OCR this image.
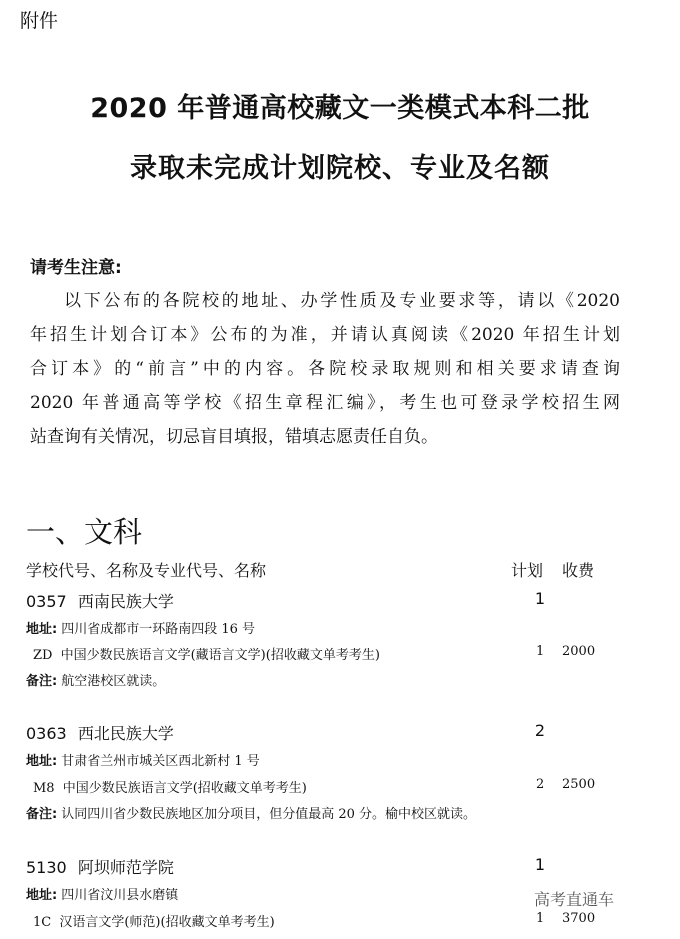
附件
2020 年普通高校藏文一类模式本科二批
录取未完成计划院校、专业及名额
请考生注意:
以下公布的各院校的地址、办学性质及专业要求等，请以《2020
年招生计划合订本》公布的为准，并请认真阅读《2020 年招生计划
合订本》的“前言”中的内容。各院校录取规则和相关要求请查询
2020 年普通高等学校《招生章程汇编》，考生也可登录学校招生网
站查询有关情况，切忌盲目填报，错填志愿责任自负。
一、文科
学校代号、名称及专业代号、名称	计划 收费
0357 西南民族大学	1
地址: 四川省成都市一环路南四段 16 号
ZD 中国少数民族语言文学(藏语言文学)(招收藏文单考考生)	1 2000
备注: 航空港校区就读。
0363 西北民族大学	2
地址: 甘肃省兰州市城关区西北新村 1 号
M8 中国少数民族语言文学(招收藏文单考考生)	2 2500
备注: 认同四川省少数民族地区加分项目，但分值最高 20 分。榆中校区就读。
5130 阿坝师范学院	1
地址: 四川省汶川县水磨镇
1C 汉语言文学(师范)(招收藏文单考考生)	1 3700
高考直通车
